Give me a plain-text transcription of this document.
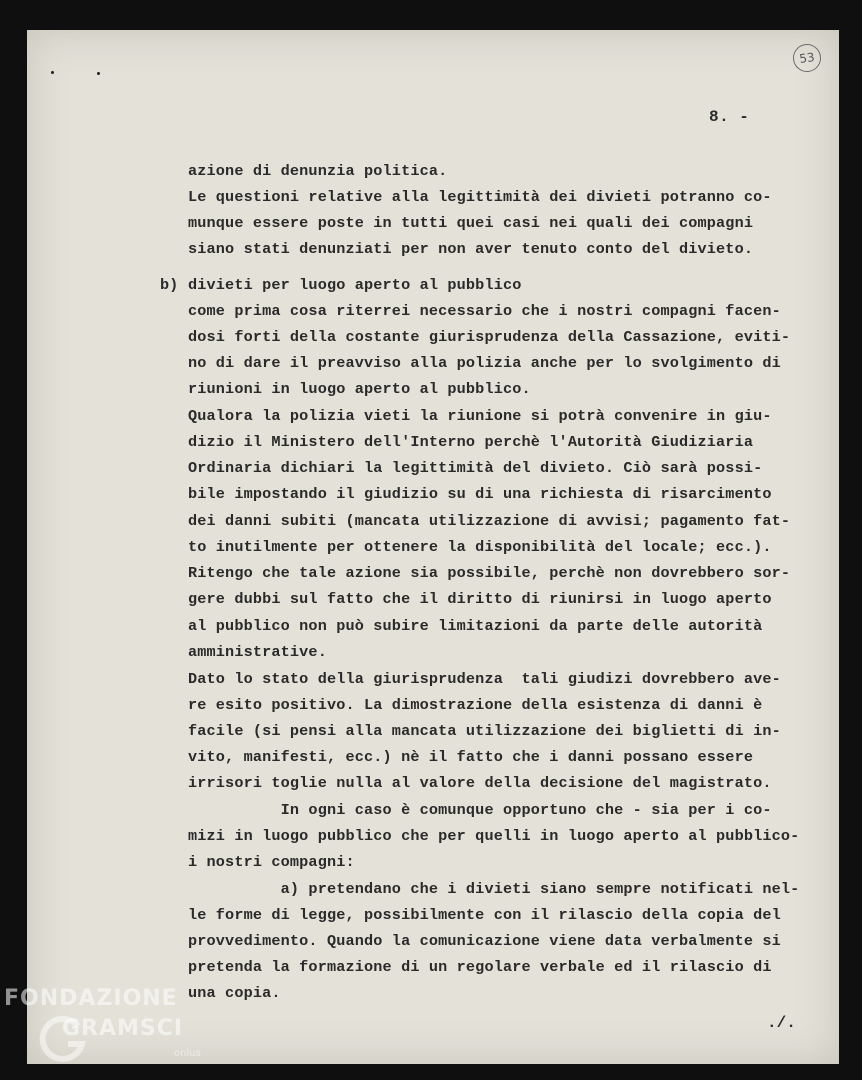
53
8. -
azione di denunzia politica.
Le questioni relative alla legittimità dei divieti potranno co-
munque essere poste in tutti quei casi nei quali dei compagni
siano stati denunziati per non aver tenuto conto del divieto.
b) divieti per luogo aperto al pubblico
come prima cosa riterrei necessario che i nostri compagni facen-
dosi forti della costante giurisprudenza della Cassazione, eviti-
no di dare il preavviso alla polizia anche per lo svolgimento di
riunioni in luogo aperto al pubblico.
Qualora la polizia vieti la riunione si potrà convenire in giu-
dizio il Ministero dell'Interno perchè l'Autorità Giudiziaria
Ordinaria dichiari la legittimità del divieto. Ciò sarà possi-
bile impostando il giudizio su di una richiesta di risarcimento
dei danni subiti (mancata utilizzazione di avvisi; pagamento fat-
to inutilmente per ottenere la disponibilità del locale; ecc.).
Ritengo che tale azione sia possibile, perchè non dovrebbero sor-
gere dubbi sul fatto che il diritto di riunirsi in luogo aperto
al pubblico non può subire limitazioni da parte delle autorità
amministrative.
Dato lo stato della giurisprudenza  tali giudizi dovrebbero ave-
re esito positivo. La dimostrazione della esistenza di danni è
facile (si pensi alla mancata utilizzazione dei biglietti di in-
vito, manifesti, ecc.) nè il fatto che i danni possano essere
irrisori toglie nulla al valore della decisione del magistrato.
In ogni caso è comunque opportuno che - sia per i co-
mizi in luogo pubblico che per quelli in luogo aperto al pubblico-
i nostri compagni:
a) pretendano che i divieti siano sempre notificati nel-
le forme di legge, possibilmente con il rilascio della copia del
provvedimento. Quando la comunicazione viene data verbalmente si
pretenda la formazione di un regolare verbale ed il rilascio di
una copia.
./.
FONDAZIONE
GRAMSCI
onlus
